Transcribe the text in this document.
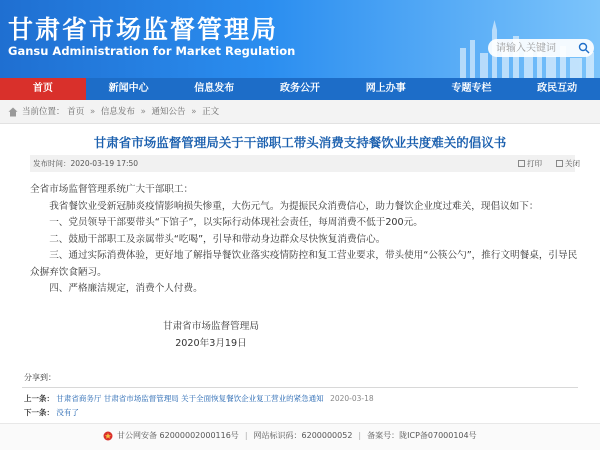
甘肃省市场监督管理局
Gansu Administration for Market Regulation
请输入关键词
首页	新闻中心	信息发布	政务公开	网上办事	专题专栏	政民互动
当前位置： 首页 » 信息发布 » 通知公告 » 正文
甘肃省市场监督管理局关于干部职工带头消费支持餐饮业共度难关的倡议书
发布时间：2020-03-19 17:50	打印	关闭
全省市场监督管理系统广大干部职工：
我省餐饮业受新冠肺炎疫情影响损失惨重，大伤元气。为提振民众消费信心，助力餐饮企业度过难关，现倡议如下：
一、党员领导干部要带头“下馆子”，以实际行动体现社会责任，每周消费不低于200元。
二、鼓励干部职工及亲属带头“吃喝”，引导和带动身边群众尽快恢复消费信心。
三、通过实际消费体验，更好地了解指导餐饮业落实疫情防控和复工营业要求，带头使用“公筷公勺”，推行文明餐桌，引导民众摒弃饮食陋习。
四、严格廉洁规定，消费个人付费。
甘肃省市场监督管理局
2020年3月19日
分享到：
上一条： 甘肃省商务厅 甘肃省市场监督管理局 关于全面恢复餐饮企业复工营业的紧急通知 2020-03-18
下一条： 没有了
甘公网安备 62000002000116号 | 网站标识码：6200000052 | 备案号：陇ICP备07000104号
